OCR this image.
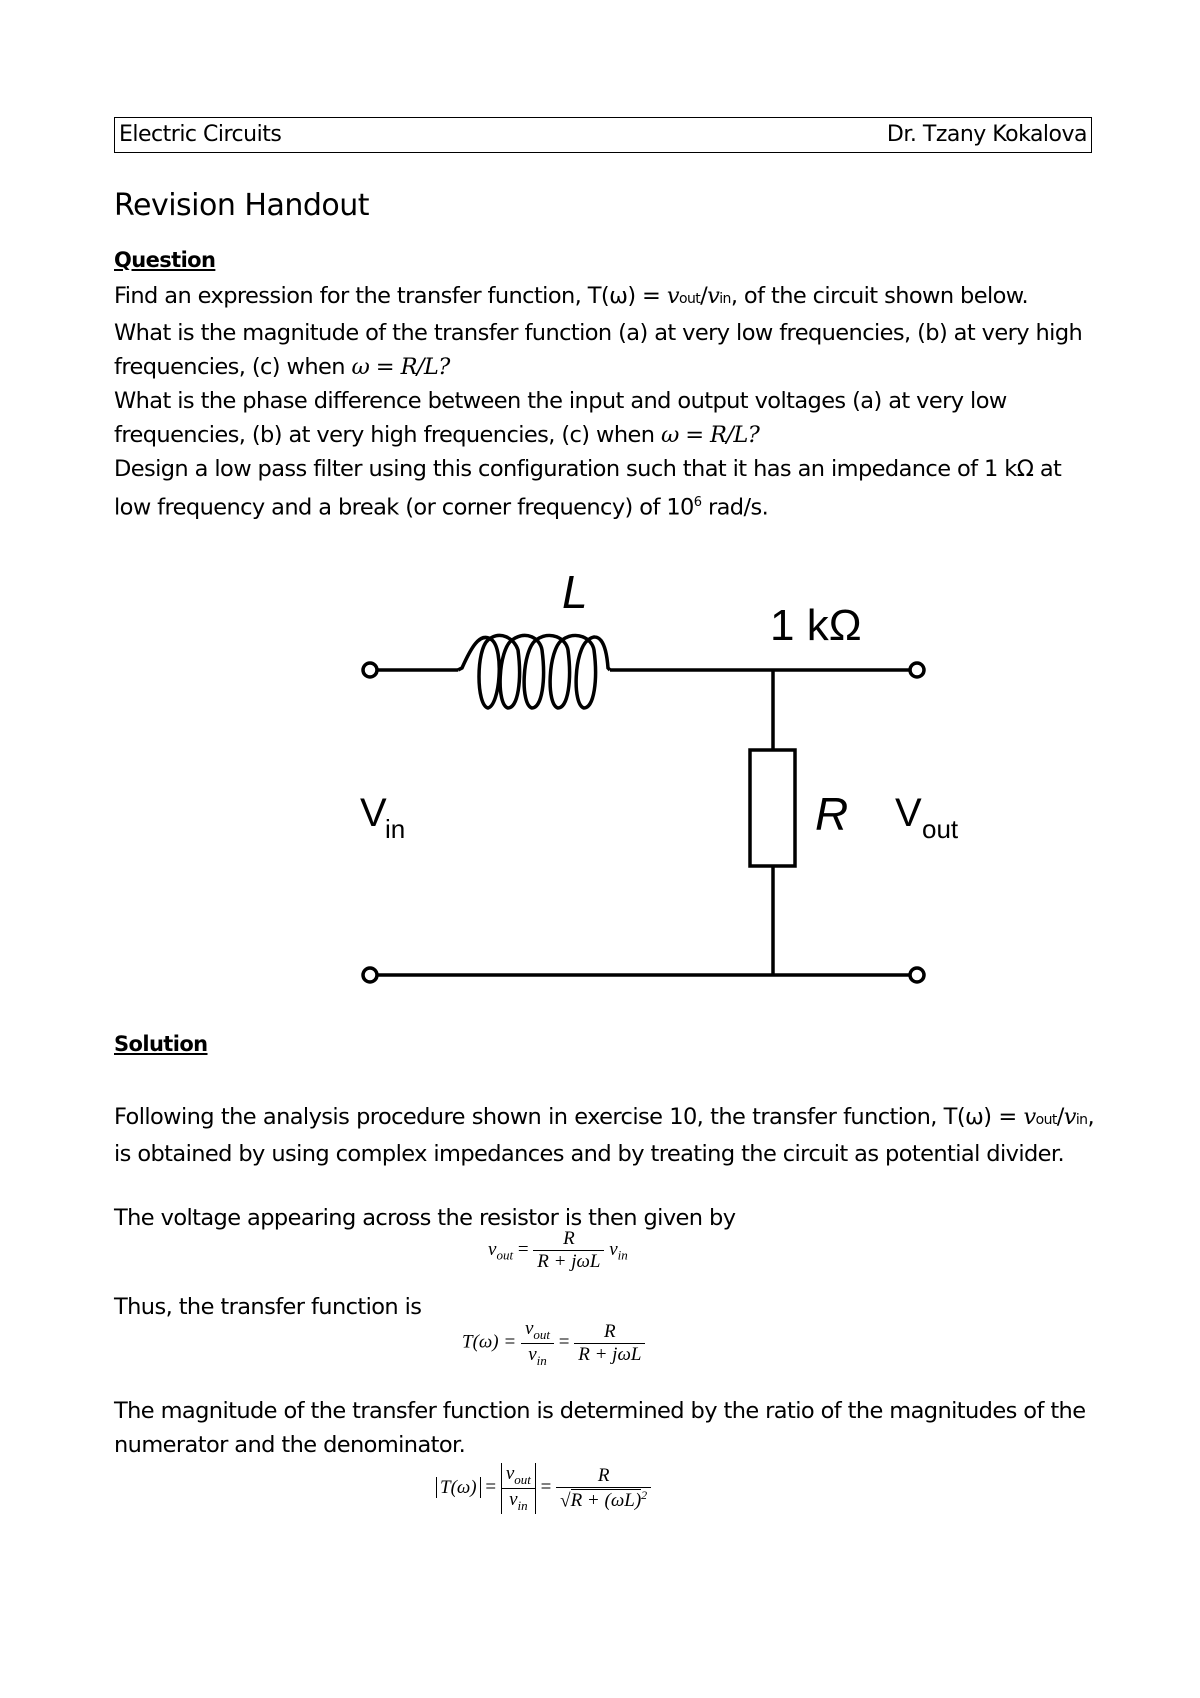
Electric Circuits	Dr. Tzany Kokalova
Revision Handout
Question

Find an expression for the transfer function, T(ω) = vout/vin, of the circuit shown below.

What is the magnitude of the transfer function (a) at very low frequencies, (b) at very high frequencies, (c) when ω = R/L?

What is the phase difference between the input and output voltages (a) at very low frequencies, (b) at very high frequencies, (c) when ω = R/L?

Design a low pass filter using this configuration such that it has an impedance of 1 kΩ at low frequency and a break (or corner frequency) of $10^6$ rad/s.

L
1 kΩ
R
V
in	V out
Solution

Following the analysis procedure shown in exercise 10, the transfer function, T(ω) = vout/vin, is obtained by using complex impedances and by treating the circuit as potential divider.

The voltage appearing across the resistor is then given by
$v_{out} = \frac{R}{\text{R + jωL}} v_{in}$
Thus, the transfer function is
$T(\omega) = \frac{v_{out}}{v_{in}} = \frac{R}{\text{R + jωL}}$
The magnitude of the transfer function is determined by the ratio of the magnitudes of the numerator and the denominator.
$T(\omega) = \frac{v_{out}}{v_{in}} = \frac{R}{√R + (\omega L)^2}$
